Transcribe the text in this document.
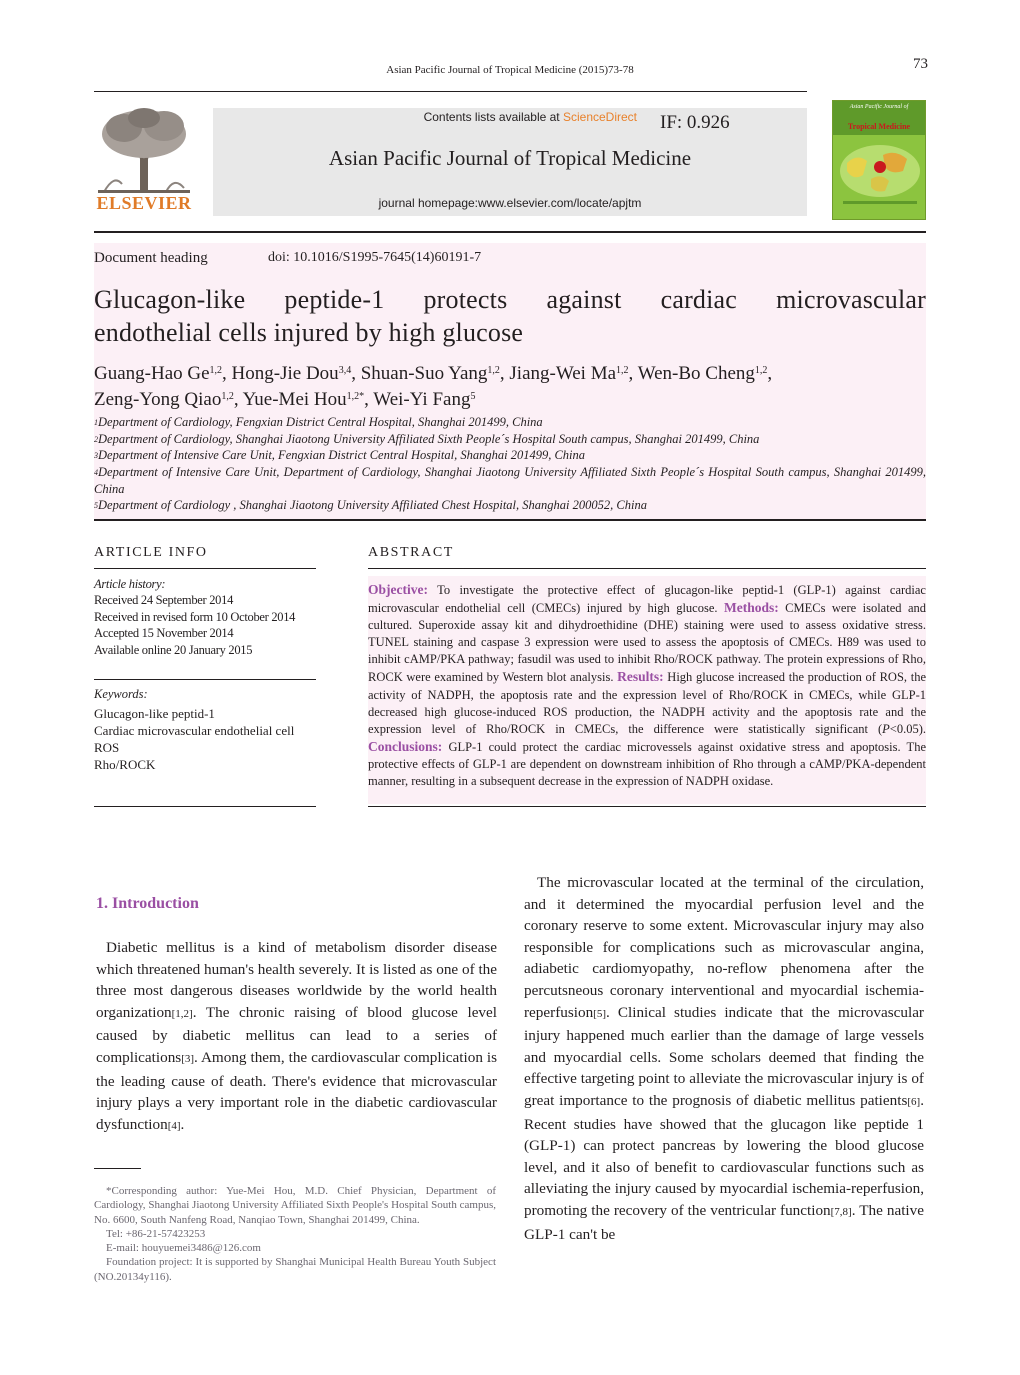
Asian Pacific Journal of Tropical Medicine (2015)73-78	73
ELSEVIER
Contents lists available at ScienceDirect IF: 0.926
Asian Pacific Journal of Tropical Medicine
journal homepage:www.elsevier.com/locate/apjtm
Asian Pacific Journal of
Tropical Medicine
Document heading	doi: 10.1016/S1995-7645(14)60191-7
Glucagon-like peptide-1 protects against cardiac microvascular
endothelial cells injured by high glucose
Guang-Hao Ge$^{1,2}$, Hong-Jie Dou$^{3,4}$, Shuan-Suo Yang$^{1,2}$, Jiang-Wei Ma$^{1,2}$, Wen-Bo Cheng$^{1,2}$,
Zeng-Yong Qiao$^{1,2}$, Yue-Mei Hou$^{1,2*}$, Wei-Yi Fang$^5$
$^1$Department of Cardiology, Fengxian District Central Hospital, Shanghai 201499, China
$^2$Department of Cardiology, Shanghai Jiaotong University Affiliated Sixth People´s Hospital South campus, Shanghai 201499, China
$^3$Department of Intensive Care Unit, Fengxian District Central Hospital, Shanghai 201499, China
$^4$Department of Intensive Care Unit, Department of Cardiology, Shanghai Jiaotong University Affiliated Sixth People´s Hospital South campus, Shanghai 201499, China
$^5$Department of Cardiology , Shanghai Jiaotong University Affiliated Chest Hospital, Shanghai 200052, China
ARTICLE INFO
Article history:
Received 24 September 2014
Received in revised form 10 October 2014
Accepted 15 November 2014
Available online 20 January 2015
Keywords:
Glucagon-like peptid-1
Cardiac microvascular endothelial cell
ROS
Rho/ROCK
ABSTRACT
Objective: To investigate the protective effect of glucagon-like peptid-1 (GLP-1) against cardiac microvascular endothelial cell (CMECs) injured by high glucose. Methods: CMECs were isolated and cultured. Superoxide assay kit and dihydroethidine (DHE) staining were used to assess oxidative stress. TUNEL staining and caspase 3 expression were used to assess the apoptosis of CMECs. H89 was used to inhibit cAMP/PKA pathway; fasudil was used to inhibit Rho/ROCK pathway. The protein expressions of Rho, ROCK were examined by Western blot analysis. Results: High glucose increased the production of ROS, the activity of NADPH, the apoptosis rate and the expression level of Rho/ROCK in CMECs, while GLP-1 decreased high glucose-induced ROS production, the NADPH activity and the apoptosis rate and the expression level of Rho/ROCK in CMECs, the difference were statistically significant (P<0.05). Conclusions: GLP-1 could protect the cardiac microvessels against oxidative stress and apoptosis. The protective effects of GLP-1 are dependent on downstream inhibition of Rho through a cAMP/PKA-dependent manner, resulting in a subsequent decrease in the expression of NADPH oxidase.
1. Introduction
Diabetic mellitus is a kind of metabolism disorder disease which threatened human's health severely. It is listed as one of the three most dangerous diseases worldwide by the world health organization[1,2]. The chronic raising of blood glucose level caused by diabetic mellitus can lead to a series of complications[3]. Among them, the cardiovascular complication is the leading cause of death. There's evidence that microvascular injury plays a very important role in the diabetic cardiovascular dysfunction[4].
The microvascular located at the terminal of the circulation, and it determined the myocardial perfusion level and the coronary reserve to some extent. Microvascular injury may also responsible for complications such as microvascular angina, adiabetic cardiomyopathy, no-reflow phenomena after the percutsneous coronary interventional and myocardial ischemia-reperfusion[5]. Clinical studies indicate that the microvascular injury happened much earlier than the damage of large vessels and myocardial cells. Some scholars deemed that finding the effective targeting point to alleviate the microvascular injury is of great importance to the prognosis of diabetic mellitus patients[6]. Recent studies have showed that the glucagon like peptide 1 (GLP-1) can protect pancreas by lowering the blood glucose level, and it also of benefit to cardiovascular functions such as alleviating the injury caused by myocardial ischemia-reperfusion, promoting the recovery of the ventricular function[7,8]. The native GLP-1 can't be
*Corresponding author: Yue-Mei Hou, M.D. Chief Physician, Department of Cardiology, Shanghai Jiaotong University Affiliated Sixth People's Hospital South campus, No. 6600, South Nanfeng Road, Nanqiao Town, Shanghai 201499, China.
Tel: +86-21-57423253
E-mail: houyuemei3486@126.com
Foundation project: It is supported by Shanghai Municipal Health Bureau Youth Subject (NO.20134y116).
